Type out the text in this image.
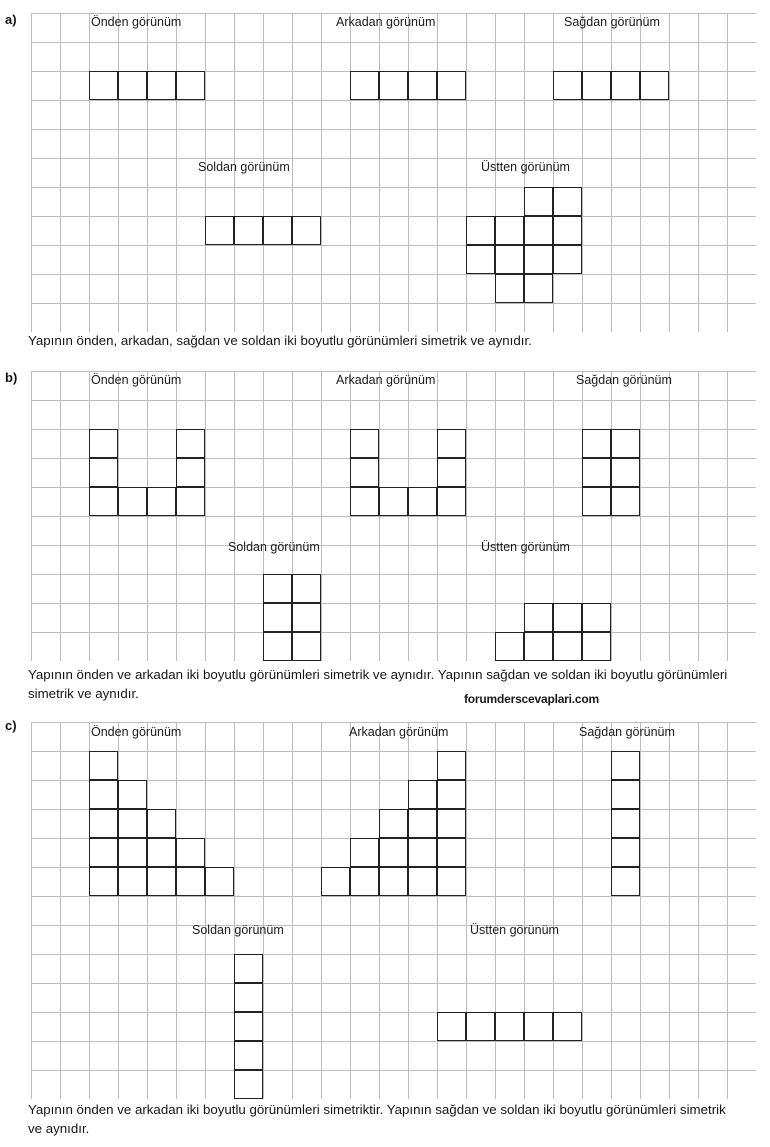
a)	Önden görünüm	Arkadan görünüm	Sağdan görünüm
Soldan görünüm	Üstten görünüm
Yapının önden, arkadan, sağdan ve soldan iki boyutlu görünümleri simetrik ve aynıdır.
b)	Önden görünüm	Arkadan görünüm	Sağdan görünüm
Soldan görünüm	Üstten görünüm
Yapının önden ve arkadan iki boyutlu görünümleri simetrik ve aynıdır. Yapının sağdan ve soldan iki boyutlu görünümleri simetrik ve aynıdır.
c)	Önden görünüm	Arkadan görünüm	Sağdan görünüm
Soldan görünüm	Üstten görünüm
Yapının önden ve arkadan iki boyutlu görünümleri simetriktir. Yapının sağdan ve soldan iki boyutlu görünümleri simetrik ve aynıdır.
forumderscevaplari.com
